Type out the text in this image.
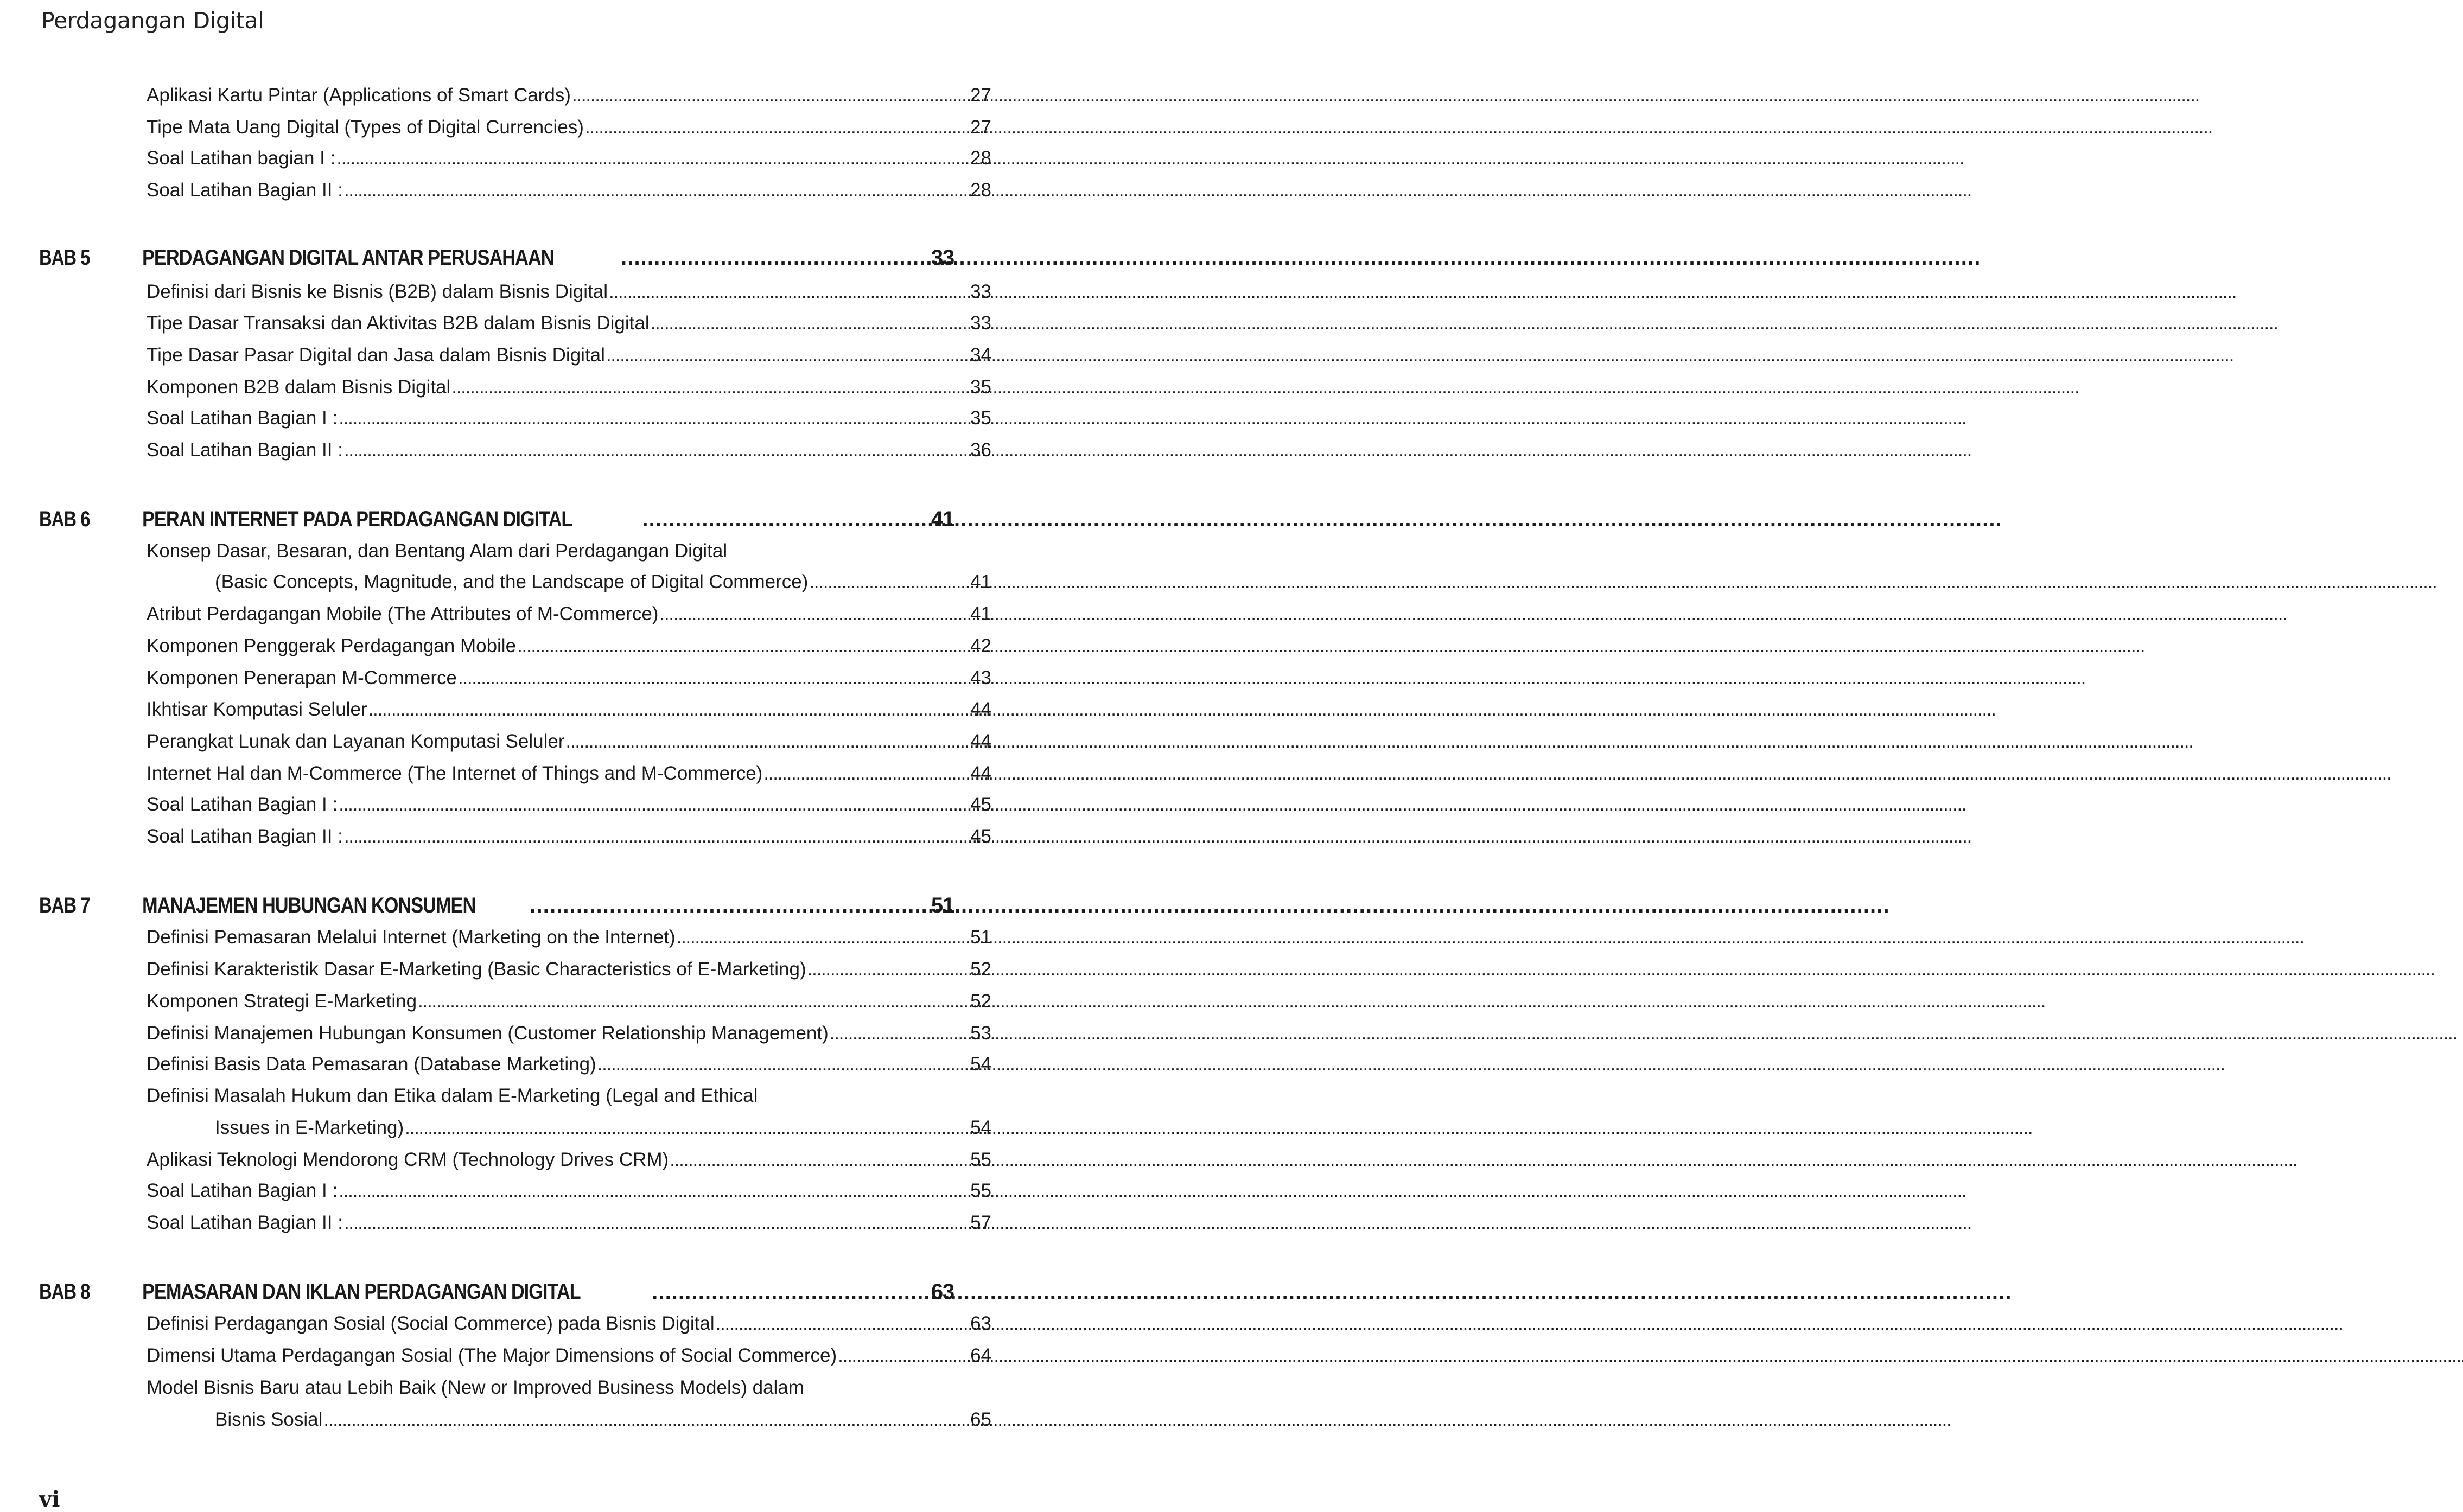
Perdagangan Digital
Aplikasi Kartu Pintar (Applications of Smart Cards) . . .	27
Tipe Mata Uang Digital (Types of Digital Currencies) . . .	27
Soal Latihan bagian I : . . .	28
Soal Latihan Bagian II : . . .	28
BAB 5 PERDAGANGAN DIGITAL ANTAR PERUSAHAAN . . .	33
Definisi dari Bisnis ke Bisnis (B2B) dalam Bisnis Digital . . .	33
Tipe Dasar Transaksi dan Aktivitas B2B dalam Bisnis Digital . . .	33
Tipe Dasar Pasar Digital dan Jasa dalam Bisnis Digital . . .	34
Komponen B2B dalam Bisnis Digital . . .	35
Soal Latihan Bagian I : . . .	35
Soal Latihan Bagian II : . . .	36
BAB 6 PERAN INTERNET PADA PERDAGANGAN DIGITAL . . .	41
Konsep Dasar, Besaran, dan Bentang Alam dari Perdagangan Digital
(Basic Concepts, Magnitude, and the Landscape of Digital Commerce) . . .	41
Atribut Perdagangan Mobile (The Attributes of M-Commerce) . . .	41
Komponen Penggerak Perdagangan Mobile . . .	42
Komponen Penerapan M-Commerce . . .	43
Ikhtisar Komputasi Seluler . . .	44
Perangkat Lunak dan Layanan Komputasi Seluler . . .	44
Internet Hal dan M-Commerce (The Internet of Things and M-Commerce) . . .	44
Soal Latihan Bagian I : . . .	45
Soal Latihan Bagian II : . . .	45
BAB 7 MANAJEMEN HUBUNGAN KONSUMEN . . .	51
Definisi Pemasaran Melalui Internet (Marketing on the Internet) . . .	51
Definisi Karakteristik Dasar E-Marketing (Basic Characteristics of E-Marketing) . . .	52
Komponen Strategi E-Marketing . . .	52
Definisi Manajemen Hubungan Konsumen (Customer Relationship Management) . . .	53
Definisi Basis Data Pemasaran (Database Marketing) . . .	54
Definisi Masalah Hukum dan Etika dalam E-Marketing (Legal and Ethical
Issues in E-Marketing) . . .	54
Aplikasi Teknologi Mendorong CRM (Technology Drives CRM) . . .	55
Soal Latihan Bagian I : . . .	55
Soal Latihan Bagian II : . . .	57
BAB 8 PEMASARAN DAN IKLAN PERDAGANGAN DIGITAL . . .	63
Definisi Perdagangan Sosial (Social Commerce) pada Bisnis Digital . . .	63
Dimensi Utama Perdagangan Sosial (The Major Dimensions of Social Commerce) . . .	64
Model Bisnis Baru atau Lebih Baik (New or Improved Business Models) dalam
Bisnis Sosial . . .	65
vi
